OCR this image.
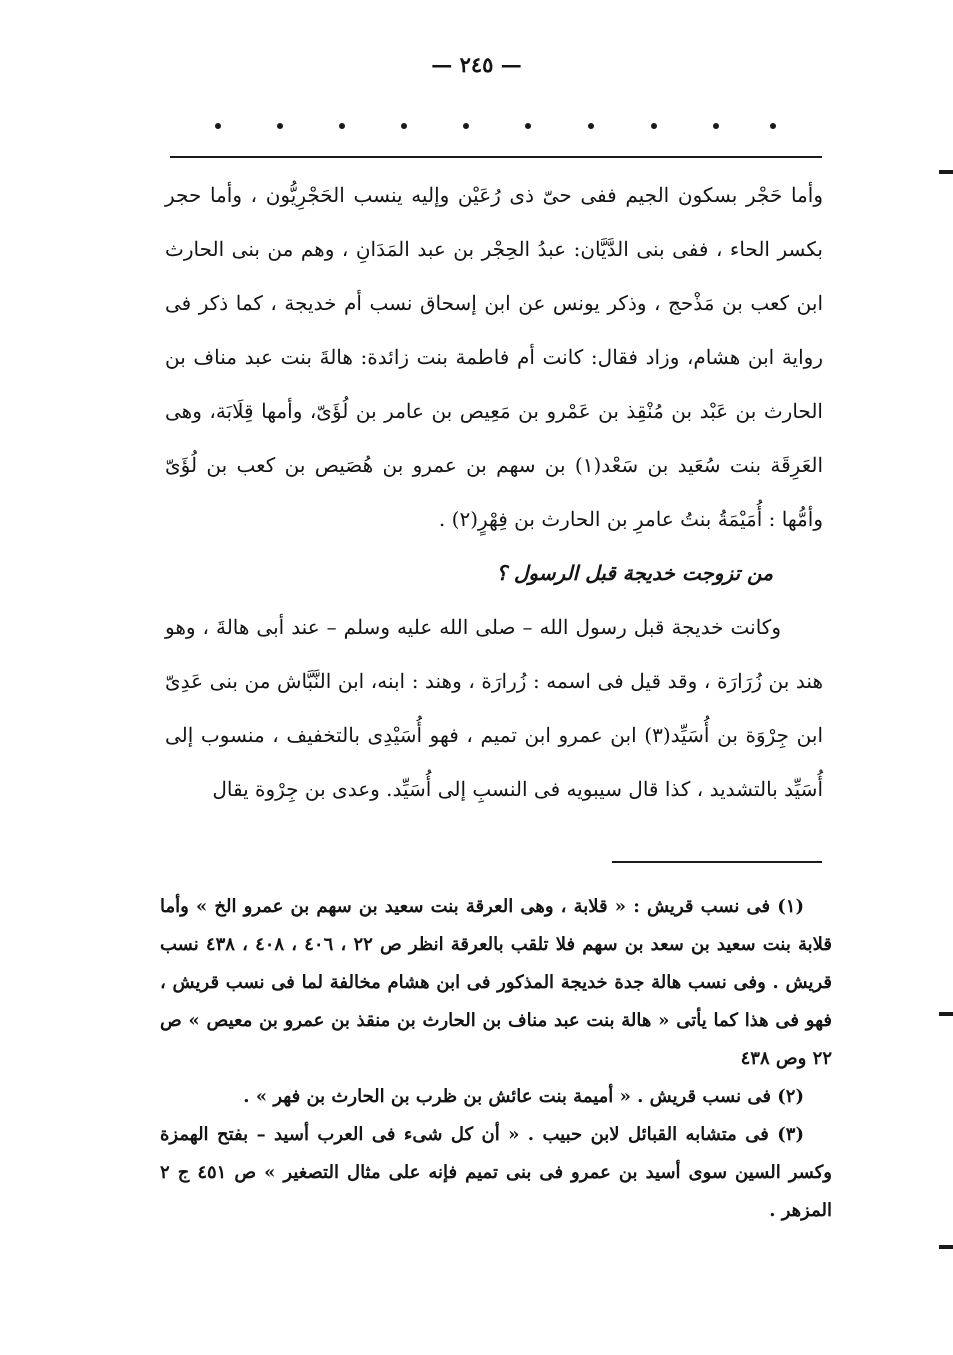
— ٢٤٥ —

وأما حَجْر بسكون الجيم ففى حىّ ذى رُعَيْن وإليه ينسب الحَجْرِيُّون ، وأما حجر بكسر الحاء ، ففى بنى الدَّيَّان: عبدُ الحِجْر بن عبد المَدَانِ ، وهم من بنى الحارث ابن كعب بن مَذْحج ، وذكر يونس عن ابن إسحاق نسب أم خديجة ، كما ذكر فى رواية ابن هشام، وزاد فقال: كانت أم فاطمة بنت زائدة: هالةَ بنت عبد مناف بن الحارث بن عَبْد بن مُنْقِذ بن عَمْرو بن مَعِيص بن عامر بن لُؤَىّ، وأمها قِلَابَة، وهى العَرِقَة بنت سُعَيد بن سَعْد(١) بن سهم بن عمرو بن هُصَيص بن كعب بن لُؤَىّ وأمُّها : أُمَيْمَةُ بنتُ عامرِ بن الحارث بن فِهْرٍ(٢) .

من تزوجت خديجة قبل الرسول ؟

وكانت خديجة قبل رسول الله – صلى الله عليه وسلم – عند أبى هالةَ ، وهو هند بن زُرَارَة ، وقد قيل فى اسمه : زُرارَة ، وهند : ابنه، ابن النَّبَّاش من بنى عَدِىّ ابن جِرْوَة بن أُسَيِّد(٣) ابن عمرو ابن تميم ، فهو أُسَيْدِى بالتخفيف ، منسوب إلى أُسَيِّد بالتشديد ، كذا قال سيبويه فى النسبِ إلى أُسَيِّد. وعدى بن جِرْوة يقال

(١) فى نسب قريش : « قلابة ، وهى العرقة بنت سعيد بن سهم بن عمرو الخ » وأما قلابة بنت سعيد بن سعد بن سهم فلا تلقب بالعرقة انظر ص ٢٢ ، ٤٠٦ ، ٤٠٨ ، ٤٣٨ نسب قريش . وفى نسب هالة جدة خديجة المذكور فى ابن هشام مخالفة لما فى نسب قريش ، فهو فى هذا كما يأتى « هالة بنت عبد مناف بن الحارث بن منقذ بن عمرو بن معيص » ص ٢٢ وص ٤٣٨

(٢) فى نسب قريش . « أميمة بنت عائش بن ظرب بن الحارث بن فهر » .

(٣) فى متشابه القبائل لابن حبيب . « أن كل شىء فى العرب أسيد – بفتح الهمزة وكسر السين سوى أسيد بن عمرو فى بنى تميم فإنه على مثال التصغير » ص ٤٥١ ج ٢ المزهر .
